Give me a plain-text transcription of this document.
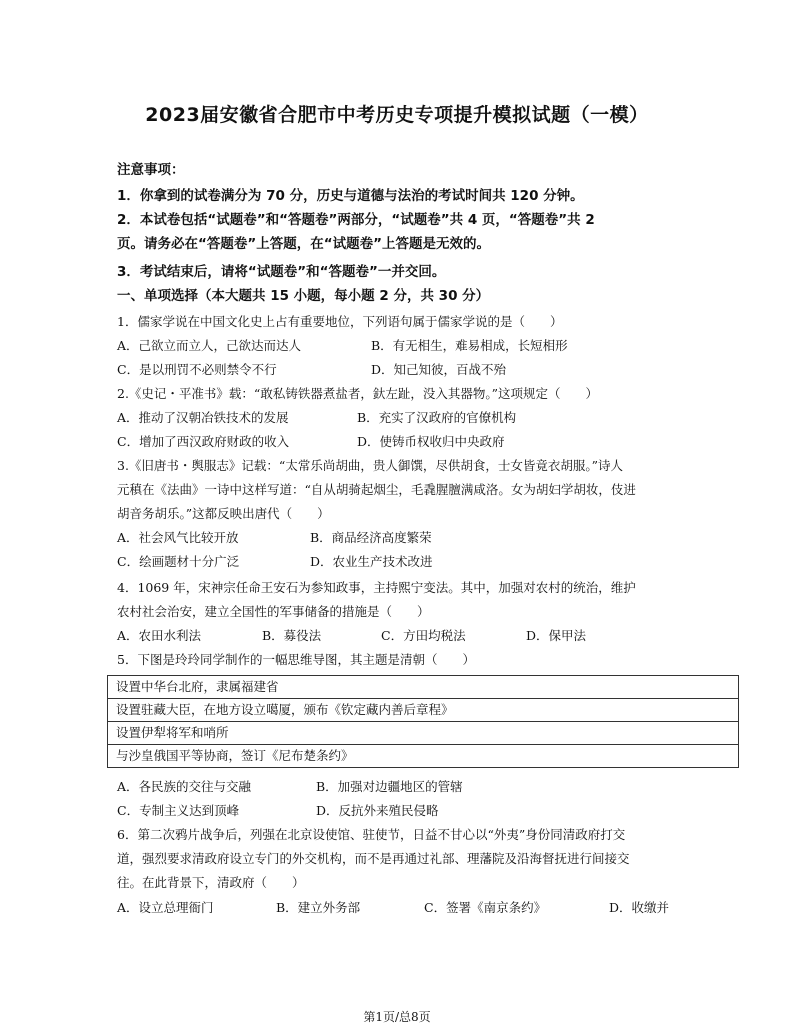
2023届安徽省合肥市中考历史专项提升模拟试题（一模）
注意事项：
1．你拿到的试卷满分为 70 分，历史与道德与法治的考试时间共 120 分钟。
2．本试卷包括“试题卷”和“答题卷”两部分，“试题卷”共 4 页，“答题卷”共 2
页。请务必在“答题卷”上答题，在“试题卷”上答题是无效的。
3．考试结束后，请将“试题卷”和“答题卷”一并交回。
一、单项选择（本大题共 15 小题，每小题 2 分，共 30 分）
1．儒家学说在中国文化史上占有重要地位，下列语句属于儒家学说的是（　　）
A．己欲立而立人，己欲达而达人	B．有无相生，难易相成，长短相形
C．是以刑罚不必则禁令不行	D．知己知彼，百战不殆
2.《史记・平准书》载：“敢私铸铁器煮盐者，釱左趾，没入其器物。”这项规定（　　）
A．推动了汉朝冶铁技术的发展	B．充实了汉政府的官僚机构
C．增加了西汉政府财政的收入	D．使铸币权收归中央政府
3.《旧唐书・舆服志》记载：“太常乐尚胡曲，贵人御馔，尽供胡食，士女皆竟衣胡服。”诗人
元稹在《法曲》一诗中这样写道：“自从胡骑起烟尘，毛毳腥膻满咸洛。女为胡妇学胡妆，伎进
胡音务胡乐。”这都反映出唐代（　　）
A．社会风气比较开放	B．商品经济高度繁荣
C．绘画题材十分广泛	D．农业生产技术改进
4．1069 年，宋神宗任命王安石为参知政事，主持熙宁变法。其中，加强对农村的统治，维护
农村社会治安，建立全国性的军事储备的措施是（　　）
A．农田水利法	B．募役法	C．方田均税法	D．保甲法
5．下图是玲玲同学制作的一幅思维导图，其主题是清朝（　　）
设置中华台北府，隶属福建省
设置驻藏大臣，在地方设立噶厦，颁布《钦定藏内善后章程》
设置伊犁将军和哨所
与沙皇俄国平等协商，签订《尼布楚条约》
A．各民族的交往与交融	B．加强对边疆地区的管辖
C．专制主义达到顶峰	D．反抗外来殖民侵略
6．第二次鸦片战争后，列强在北京设使馆、驻使节，日益不甘心以“外夷”身份同清政府打交
道，强烈要求清政府设立专门的外交机构，而不是再通过礼部、理藩院及沿海督抚进行间接交
往。在此背景下，清政府（　　）
A．设立总理衙门	B．建立外务部	C．签署《南京条约》	D．收缴并
第1页/总8页
